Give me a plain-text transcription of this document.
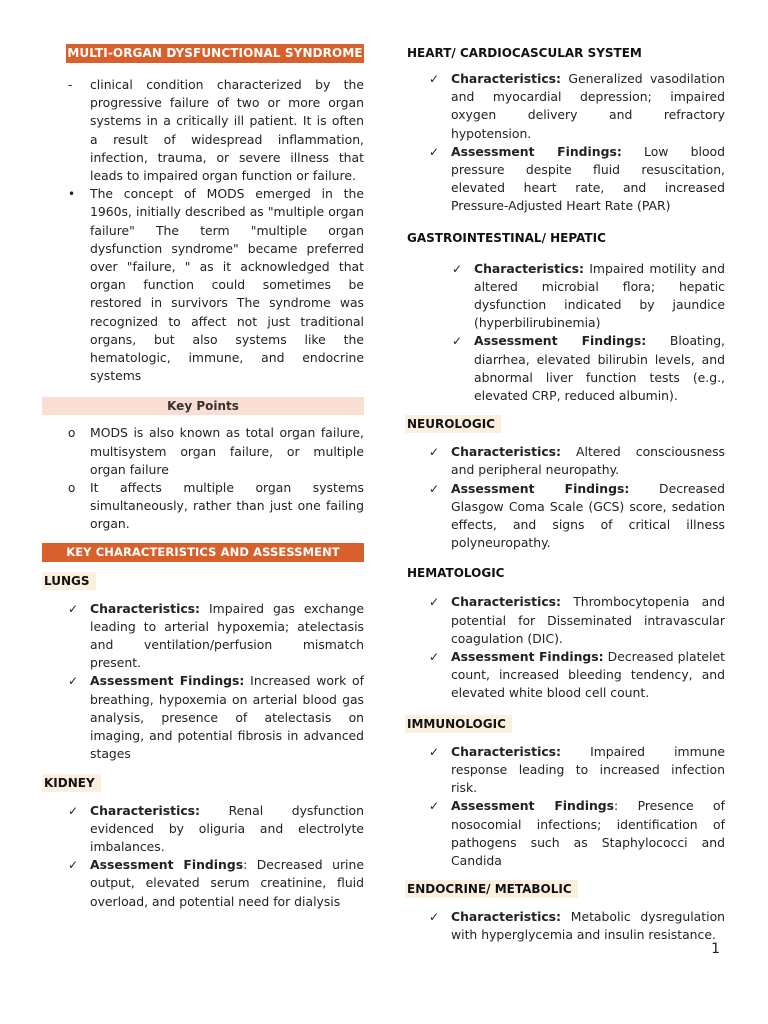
MULTI-ORGAN DYSFUNCTIONAL SYNDROME
- clinical condition characterized by the progressive failure of two or more organ systems in a critically ill patient. It is often a result of widespread inflammation, infection, trauma, or severe illness that leads to impaired organ function or failure.
• The concept of MODS emerged in the 1960s, initially described as "multiple organ failure" The term "multiple organ dysfunction syndrome" became preferred over "failure, " as it acknowledged that organ function could sometimes be restored in survivors The syndrome was recognized to affect not just traditional organs, but also systems like the hematologic, immune, and endocrine systems
Key Points
o MODS is also known as total organ failure, multisystem organ failure, or multiple organ failure
o It affects multiple organ systems simultaneously, rather than just one failing organ.
KEY CHARACTERISTICS AND ASSESSMENT FINDINGS
LUNGS
✓ Characteristics: Impaired gas exchange leading to arterial hypoxemia; atelectasis and ventilation/perfusion mismatch present.
✓ Assessment Findings: Increased work of breathing, hypoxemia on arterial blood gas analysis, presence of atelectasis on imaging, and potential fibrosis in advanced stages
KIDNEY
✓ Characteristics: Renal dysfunction evidenced by oliguria and electrolyte imbalances.
✓ Assessment Findings: Decreased urine output, elevated serum creatinine, fluid overload, and potential need for dialysis
HEART/ CARDIOCASCULAR SYSTEM
✓ Characteristics: Generalized vasodilation and myocardial depression; impaired oxygen delivery and refractory hypotension.
✓ Assessment Findings: Low blood pressure despite fluid resuscitation, elevated heart rate, and increased Pressure-Adjusted Heart Rate (PAR)
GASTROINTESTINAL/ HEPATIC
✓ Characteristics: Impaired motility and altered microbial flora; hepatic dysfunction indicated by jaundice (hyperbilirubinemia)
✓ Assessment Findings: Bloating, diarrhea, elevated bilirubin levels, and abnormal liver function tests (e.g., elevated CRP, reduced albumin).
NEUROLOGIC
✓ Characteristics: Altered consciousness and peripheral neuropathy.
✓ Assessment Findings: Decreased Glasgow Coma Scale (GCS) score, sedation effects, and signs of critical illness polyneuropathy.
HEMATOLOGIC
✓ Characteristics: Thrombocytopenia and potential for Disseminated intravascular coagulation (DIC).
✓ Assessment Findings: Decreased platelet count, increased bleeding tendency, and elevated white blood cell count.
IMMUNOLOGIC
✓ Characteristics: Impaired immune response leading to increased infection risk.
✓ Assessment Findings: Presence of nosocomial infections; identification of pathogens such as Staphylococci and Candida
ENDOCRINE/ METABOLIC
✓ Characteristics: Metabolic dysregulation with hyperglycemia and insulin resistance.
1
